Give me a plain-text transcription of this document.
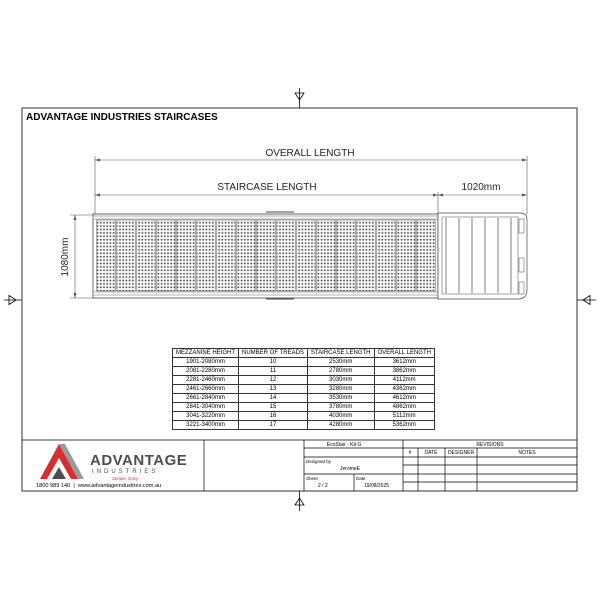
ADVANTAGE INDUSTRIES STAIRCASES
OVERALL LENGTH
STAIRCASE LENGTH	1020mm
1080mm
EcoStair - Kit G
Designed by
JeromeE
Sheet
2 / 2
Date
19/08/2025
REVISIONS
#	DATE DESIGNER	NOTES
ADVANTAGE
INDUSTRIES
Simple, Easy
1800 989 140  |  www.advantageindustries.com.au
MEZZANINE HEIGHT	NUMBER OF TREADS	STAIRCASE LENGTH	OVERALL LENGTH
1901-2080mm	10	2530mm	3612mm
2081-2280mm	11	2780mm	3862mm
2281-2460mm	12	3030mm	4112mm
2461-2660mm	13	3280mm	4362mm
2661-2840mm	14	3530mm	4612mm
2841-3040mm	15	3780mm	4862mm
3041-3220mm	16	4030mm	5112mm
3221-3400mm	17	4280mm	5362mm
